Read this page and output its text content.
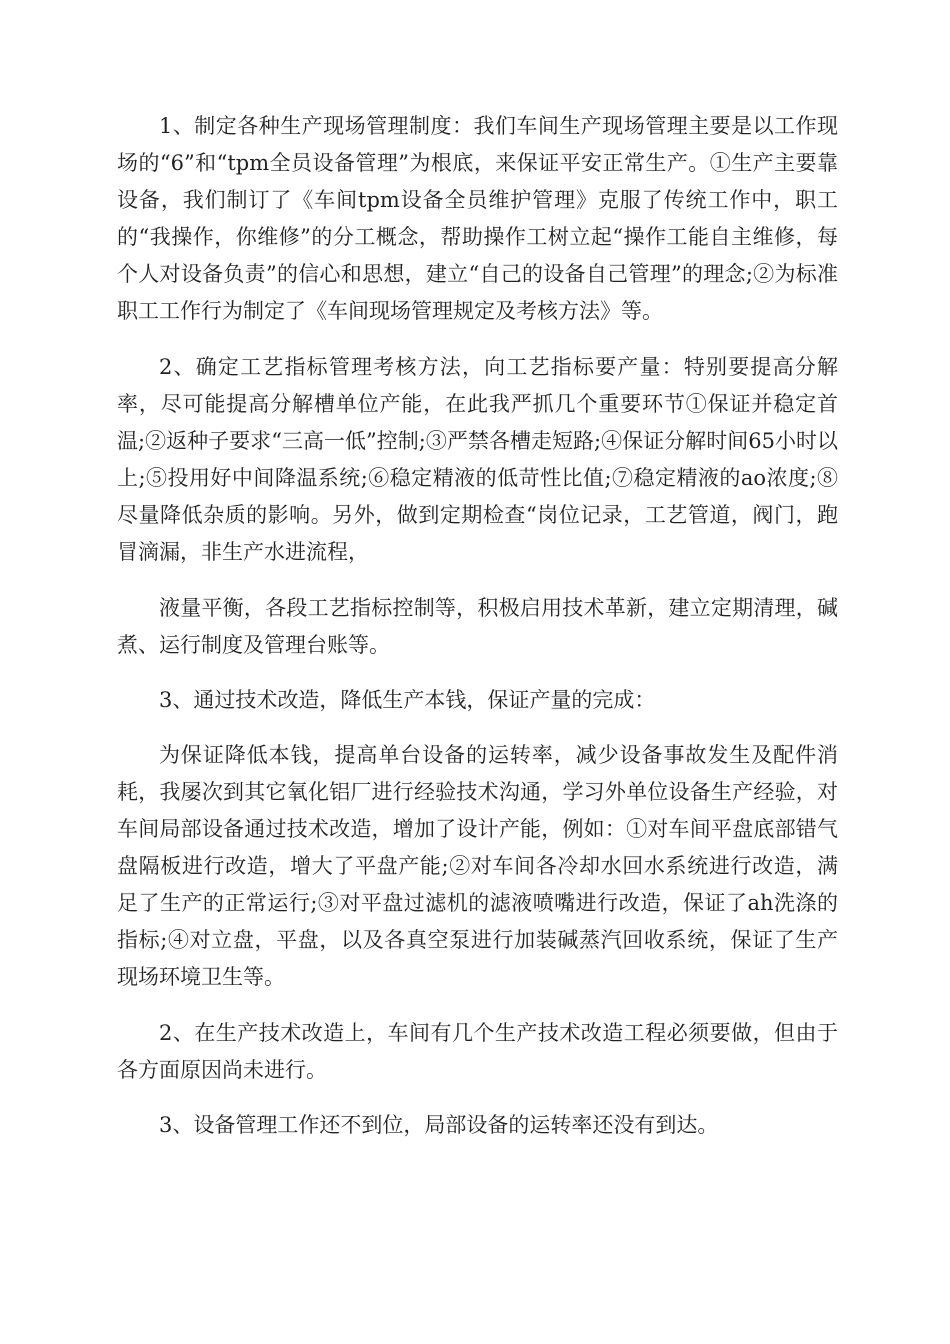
1、制定各种生产现场管理制度：我们车间生产现场管理主要是以工作现场的“6”和“tpm全员设备管理”为根底，来保证平安正常生产。①生产主要靠设备，我们制订了《车间tpm设备全员维护管理》克服了传统工作中，职工的“我操作，你维修”的分工概念，帮助操作工树立起“操作工能自主维修，每个人对设备负责”的信心和思想，建立“自己的设备自己管理”的理念;②为标准职工工作行为制定了《车间现场管理规定及考核方法》等。

2、确定工艺指标管理考核方法，向工艺指标要产量：特别要提高分解率，尽可能提高分解槽单位产能，在此我严抓几个重要环节①保证并稳定首温;②返种子要求“三高一低”控制;③严禁各槽走短路;④保证分解时间65小时以上;⑤投用好中间降温系统;⑥稳定精液的低苛性比值;⑦稳定精液的ao浓度;⑧尽量降低杂质的影响。另外，做到定期检查“岗位记录，工艺管道，阀门，跑冒滴漏，非生产水进流程，

液量平衡，各段工艺指标控制等，积极启用技术革新，建立定期清理，碱煮、运行制度及管理台账等。

3、通过技术改造，降低生产本钱，保证产量的完成：

为保证降低本钱，提高单台设备的运转率，减少设备事故发生及配件消耗，我屡次到其它氧化铝厂进行经验技术沟通，学习外单位设备生产经验，对车间局部设备通过技术改造，增加了设计产能，例如：①对车间平盘底部错气盘隔板进行改造，增大了平盘产能;②对车间各冷却水回水系统进行改造，满足了生产的正常运行;③对平盘过滤机的滤液喷嘴进行改造，保证了ah洗涤的指标;④对立盘，平盘，以及各真空泵进行加装碱蒸汽回收系统，保证了生产现场环境卫生等。

2、在生产技术改造上，车间有几个生产技术改造工程必须要做，但由于各方面原因尚未进行。

3、设备管理工作还不到位，局部设备的运转率还没有到达。
